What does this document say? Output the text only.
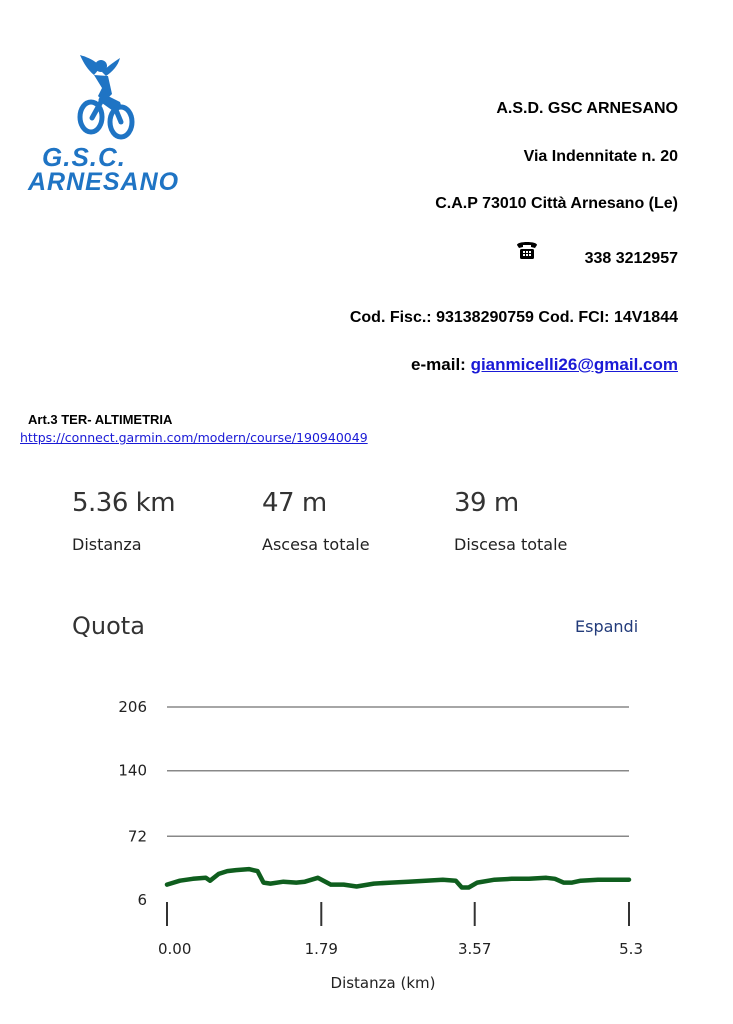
G.S.C.
ARNESANO
A.S.D. GSC ARNESANO
Via Indennitate n. 20
C.A.P 73010 Città Arnesano (Le)
338 3212957
Cod. Fisc.: 93138290759 Cod. FCI: 14V1844
e-mail: gianmicelli26@gmail.com
Art.3 TER- ALTIMETRIA
https://connect.garmin.com/modern/course/190940049
5.36 km
Distanza
47 m
Ascesa totale
39 m
Discesa totale
Quota	Espandi
206
140
72
6
0.00	1.79	3.57	5.3
Distanza (km)
